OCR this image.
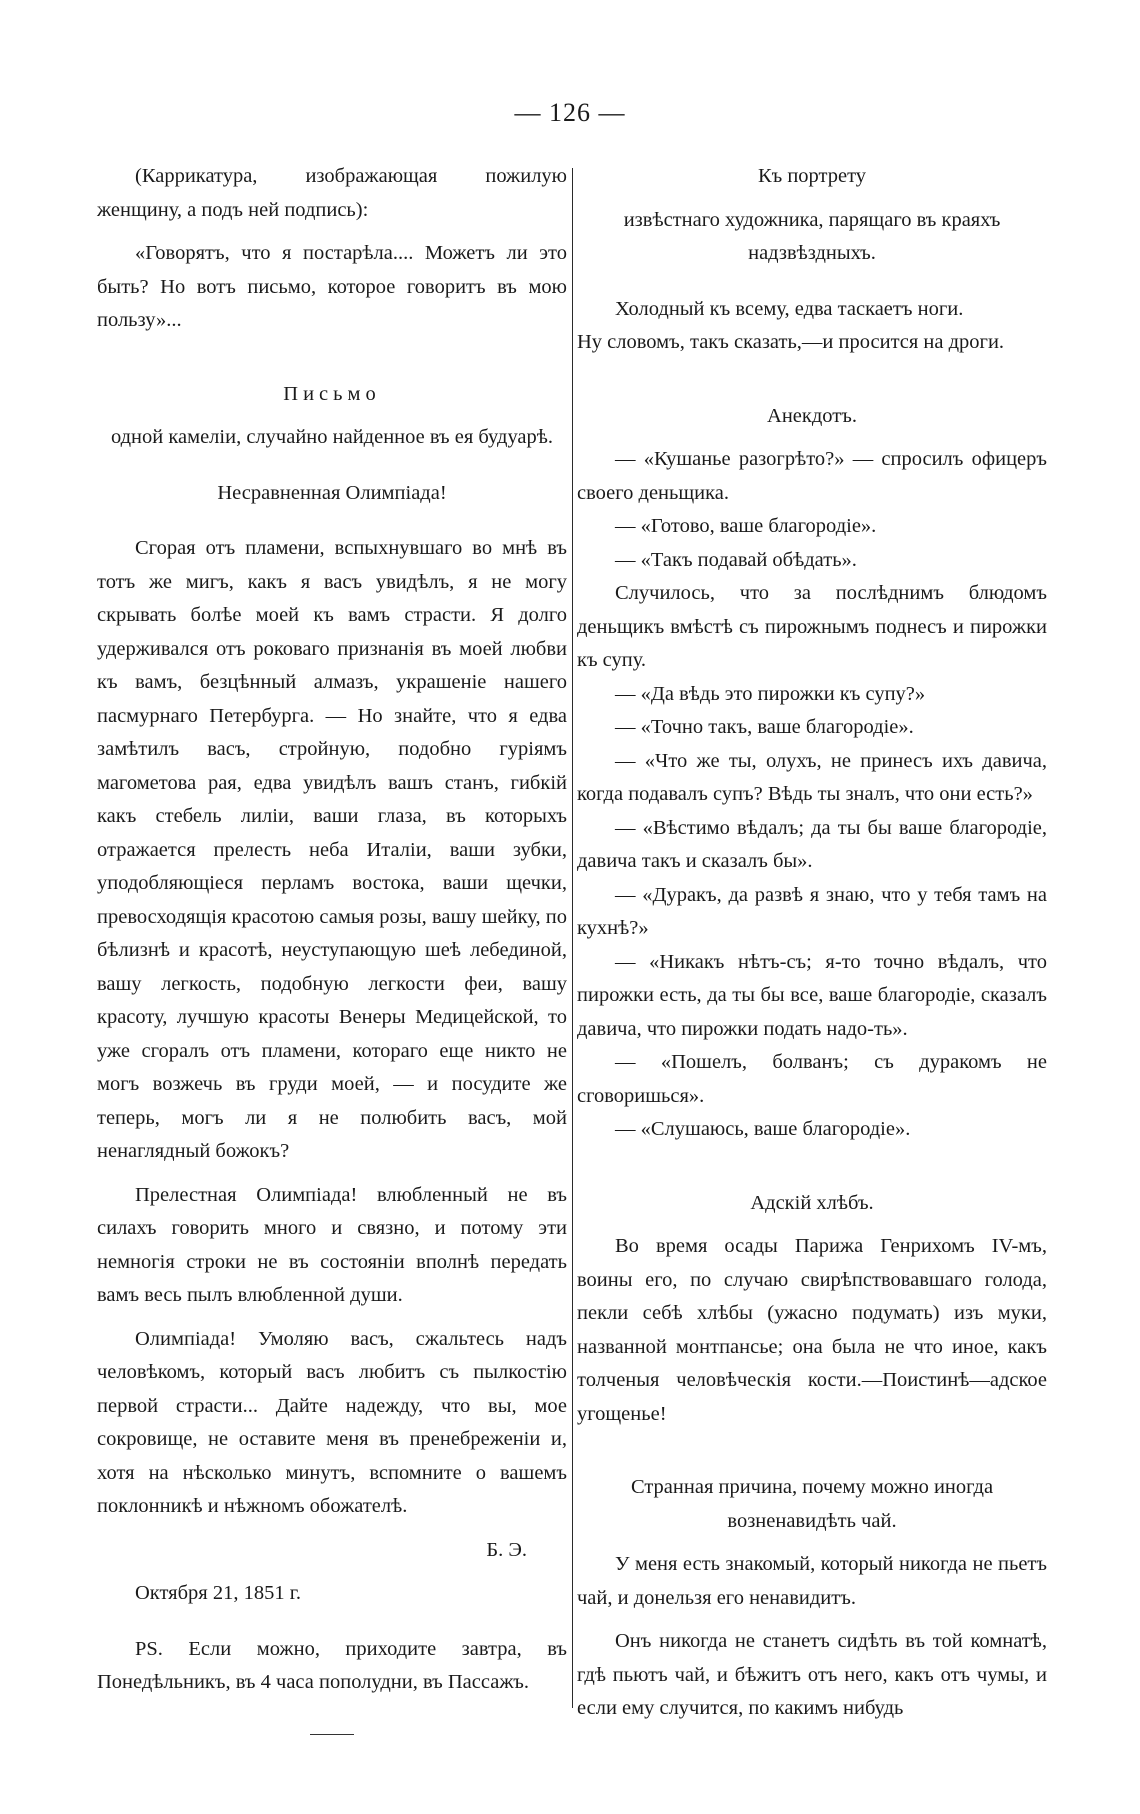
— 126 —

(Каррикатура, изображающая пожилую женщину, а подъ ней подпись):

«Говорятъ, что я постарѣла.... Можетъ ли это быть? Но вотъ письмо, которое говоритъ въ мою пользу»...

Письмо

одной камелiи, случайно найденное въ ея будуарѣ.

Несравненная Олимпiада!

Сгорая отъ пламени, вспыхнувшаго во мнѣ въ тотъ же мигъ, какъ я васъ увидѣлъ, я не могу скрывать болѣе моей къ вамъ страсти. Я долго удерживался отъ роковаго признанiя въ моей любви къ вамъ, безцѣнный алмазъ, украшенiе нашего пасмурнаго Петербурга. — Но знайте, что я едва замѣтилъ васъ, стройную, подобно гурiямъ магометова рая, едва увидѣлъ вашъ станъ, гибкiй какъ стебель лилiи, ваши глаза, въ которыхъ отражается прелесть неба Италiи, ваши зубки, уподобляющiеся перламъ востока, ваши щечки, превосходящiя красотою самыя розы, вашу шейку, по бѣлизнѣ и красотѣ, неуступающую шеѣ лебединой, вашу легкость, подобную легкости феи, вашу красоту, лучшую красоты Венеры Медицейской, то уже сгоралъ отъ пламени, котораго еще никто не могъ возжечь въ груди моей, — и посудите же теперь, могъ ли я не полюбить васъ, мой ненаглядный божокъ?

Прелестная Олимпiада! влюбленный не въ силахъ говорить много и связно, и потому эти немногiя строки не въ состоянiи вполнѣ передать вамъ весь пылъ влюбленной души.

Олимпiада! Умоляю васъ, сжальтесь надъ человѣкомъ, который васъ любитъ съ пылкостiю первой страсти... Дайте надежду, что вы, мое сокровище, не оставите меня въ пренебреженiи и, хотя на нѣсколько минутъ, вспомните о вашемъ поклонникѣ и нѣжномъ обожателѣ.

Б. Э.

Октября 21, 1851 г.

PS. Если можно, приходите завтра, въ Понедѣльникъ, въ 4 часа пополудни, въ Пассажъ.

Къ портрету

извѣстнаго художника, парящаго въ краяхъ надзвѣздныхъ.

Холодный къ всему, едва таскаетъ ноги.

Ну словомъ, такъ сказать,—и просится на дроги.

Анекдотъ.

— «Кушанье разогрѣто?» — спросилъ офицеръ своего деньщика.

— «Готово, ваше благородiе».

— «Такъ подавай обѣдать».

Случилось, что за послѣднимъ блюдомъ деньщикъ вмѣстѣ съ пирожнымъ поднесъ и пирожки къ супу.

— «Да вѣдь это пирожки къ супу?»

— «Точно такъ, ваше благородiе».

— «Что же ты, олухъ, не принесъ ихъ давича, когда подавалъ супъ? Вѣдь ты зналъ, что они есть?»

— «Вѣстимо вѣдалъ; да ты бы ваше благородiе, давича такъ и сказалъ бы».

— «Дуракъ, да развѣ я знаю, что у тебя тамъ на кухнѣ?»

— «Никакъ нѣтъ-съ; я-то точно вѣдалъ, что пирожки есть, да ты бы все, ваше благородiе, сказалъ давича, что пирожки подать надо-ть».

— «Пошелъ, болванъ; съ дуракомъ не сговоришься».

— «Слушаюсь, ваше благородiе».

Адскiй хлѣбъ.

Во время осады Парижа Генрихомъ IV-мъ, воины его, по случаю свирѣпствовавшаго голода, пекли себѣ хлѣбы (ужасно подумать) изъ муки, названной монтпансье; она была не что иное, какъ толченыя человѣческiя кости.—Поистинѣ—адское угощенье!

Странная причина, почему можно иногда возненавидѣть чай.

У меня есть знакомый, который никогда не пьетъ чай, и донельзя его ненавидитъ.

Онъ никогда не станетъ сидѣть въ той комнатѣ, гдѣ пьютъ чай, и бѣжитъ отъ него, какъ отъ чумы, и если ему случится, по какимъ нибудь
